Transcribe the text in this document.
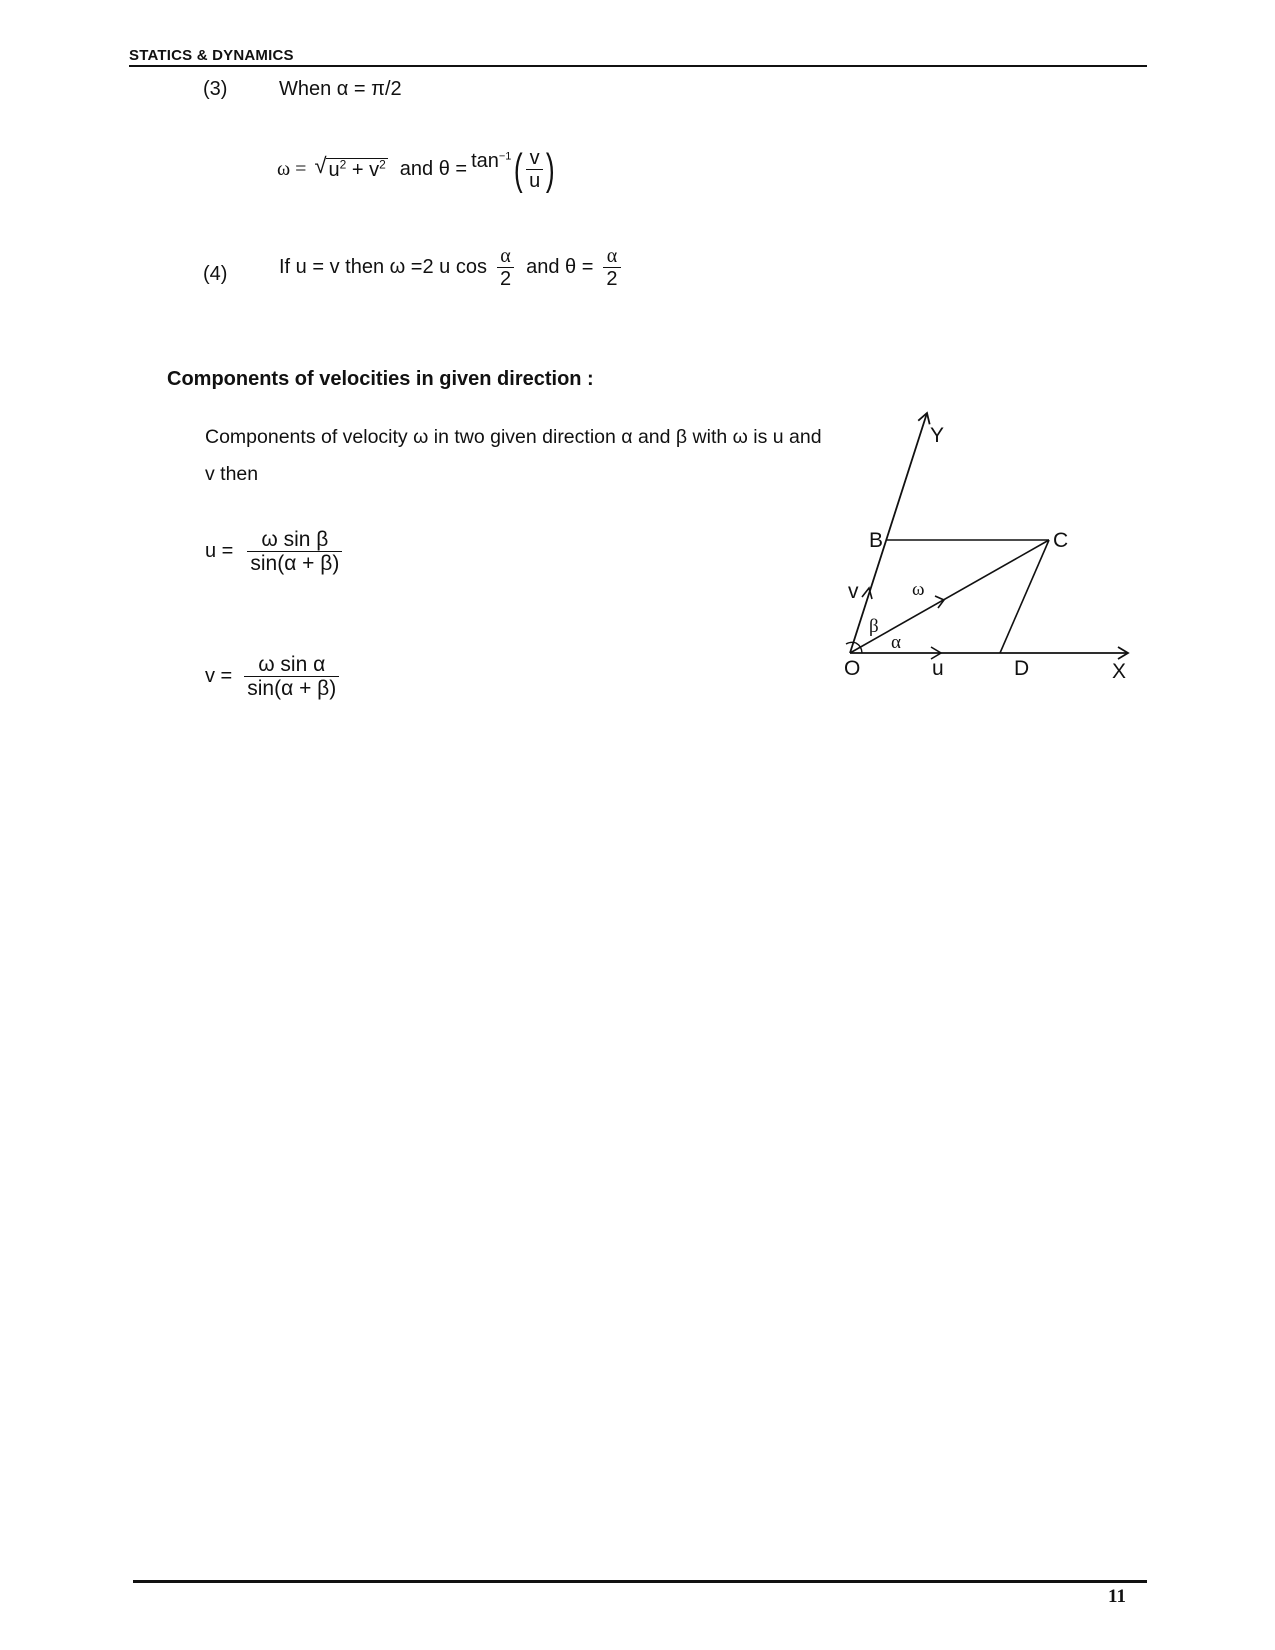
STATICS & DYNAMICS
(3)	When α = π/2
ω = √ $u^2 + v^2$ and $\theta = \tan^{-1}$ ( $\frac{v}{u}$ )
(4)	If u = v then ω =2 u $\cos \frac{\alpha}{2}$ and $\theta = \frac{\alpha}{2}$
Components of velocities in given direction :
Components of velocity ω in two given direction α and β with ω is u and v then
$u = \frac{\text{ω sin β}}{\sin(\alpha + \beta)}$
$v = \frac{\text{ω sin α}}{\sin(\alpha + \beta)}$
Y
B	C
O	u	D	X
v	ω
β
α
11
